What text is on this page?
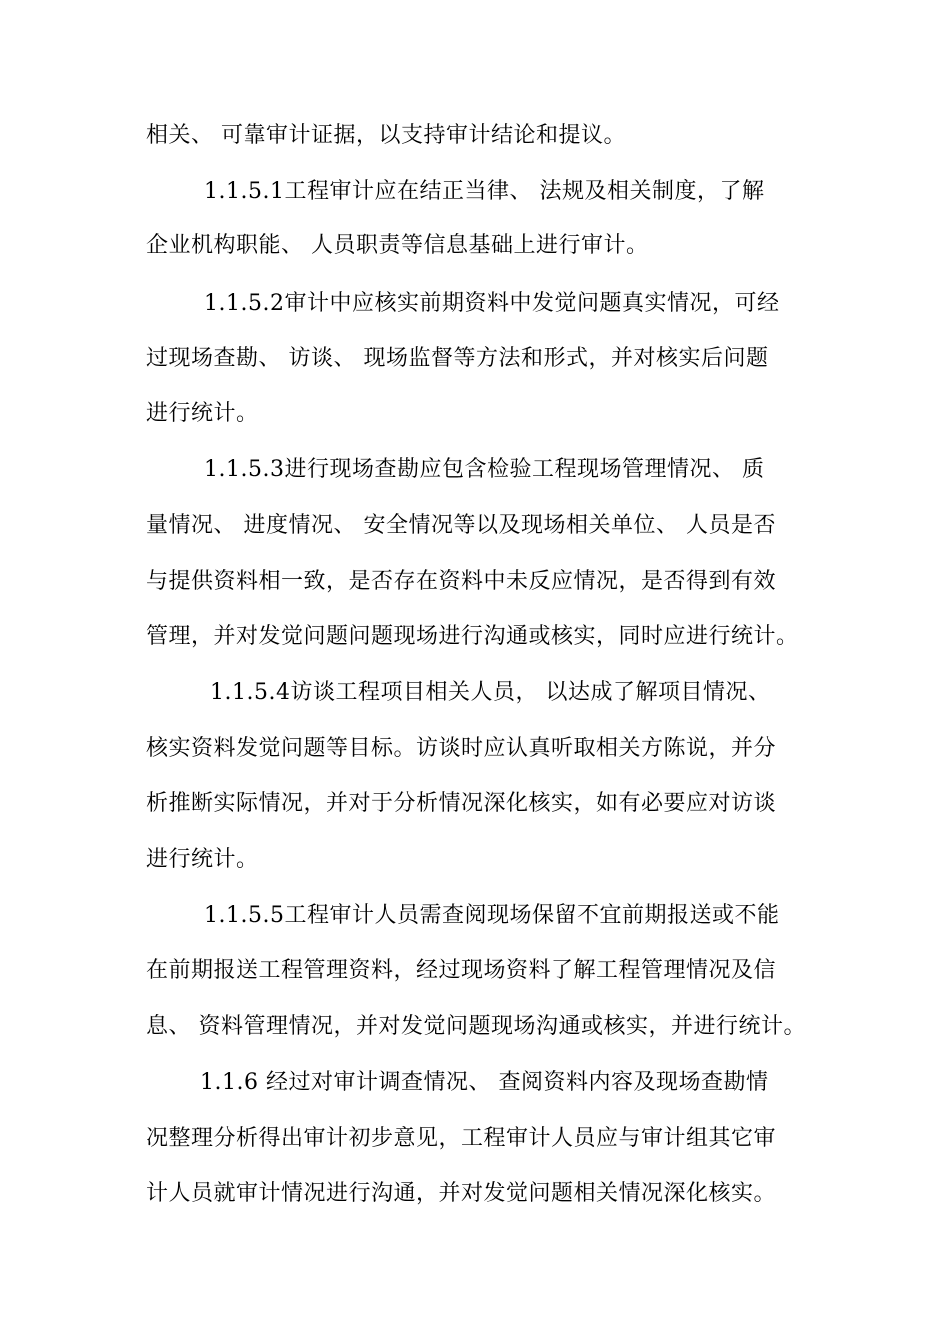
相关、 可靠审计证据，以支持审计结论和提议。
1.1.5.1工程审计应在结正当律、 法规及相关制度，了解
企业机构职能、 人员职责等信息基础上进行审计。
1.1.5.2审计中应核实前期资料中发觉问题真实情况，可经
过现场查勘、 访谈、 现场监督等方法和形式，并对核实后问题
进行统计。
1.1.5.3进行现场查勘应包含检验工程现场管理情况、 质
量情况、 进度情况、 安全情况等以及现场相关单位、 人员是否
与提供资料相一致，是否存在资料中未反应情况，是否得到有效
管理，并对发觉问题问题现场进行沟通或核实，同时应进行统计。
1.1.5.4访谈工程项目相关人员， 以达成了解项目情况、
核实资料发觉问题等目标。访谈时应认真听取相关方陈说，并分
析推断实际情况，并对于分析情况深化核实，如有必要应对访谈
进行统计。
1.1.5.5工程审计人员需查阅现场保留不宜前期报送或不能
在前期报送工程管理资料，经过现场资料了解工程管理情况及信
息、 资料管理情况，并对发觉问题现场沟通或核实，并进行统计。
1.1.6 经过对审计调查情况、 查阅资料内容及现场查勘情
况整理分析得出审计初步意见，工程审计人员应与审计组其它审
计人员就审计情况进行沟通，并对发觉问题相关情况深化核实。
